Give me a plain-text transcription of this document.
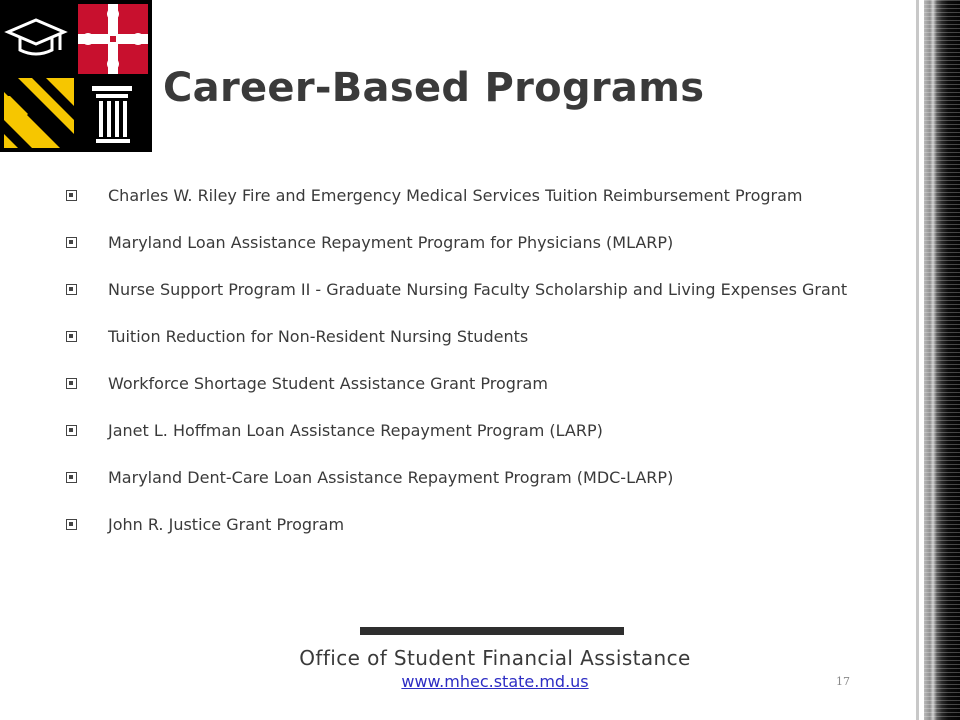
Career-Based Programs
Charles W. Riley Fire and Emergency Medical Services Tuition Reimbursement Program
Maryland Loan Assistance Repayment Program for Physicians (MLARP)
Nurse Support Program II - Graduate Nursing Faculty Scholarship and Living Expenses Grant
Tuition Reduction for Non-Resident Nursing Students
Workforce Shortage Student Assistance Grant Program
Janet L. Hoffman Loan Assistance Repayment Program (LARP)
Maryland Dent-Care Loan Assistance Repayment Program (MDC-LARP)
John R. Justice Grant Program
Office of Student Financial Assistance
www.mhec.state.md.us	17
